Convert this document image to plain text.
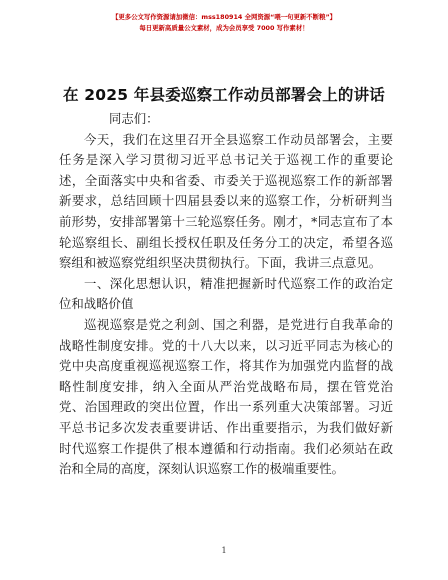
【更多公文写作资源请加微信：mss180914 全网资源“喂一句更新不断粮”】
每日更新高质量公文素材，成为会员享受 7000 写作素材！
在 2025 年县委巡察工作动员部署会上的讲话

同志们：

今天，我们在这里召开全县巡察工作动员部署会，主要任务是深入学习贯彻习近平总书记关于巡视工作的重要论述，全面落实中央和省委、市委关于巡视巡察工作的新部署新要求，总结回顾十四届县委以来的巡察工作，分析研判当前形势，安排部署第十三轮巡察任务。刚才，*同志宣布了本轮巡察组长、副组长授权任职及任务分工的决定，希望各巡察组和被巡察党组织坚决贯彻执行。下面，我讲三点意见。

一、深化思想认识，精准把握新时代巡察工作的政治定位和战略价值

巡视巡察是党之利剑、国之利器，是党进行自我革命的战略性制度安排。党的十八大以来，以习近平同志为核心的党中央高度重视巡视巡察工作，将其作为加强党内监督的战略性制度安排，纳入全面从严治党战略布局，摆在管党治党、治国理政的突出位置，作出一系列重大决策部署。习近平总书记多次发表重要讲话、作出重要指示，为我们做好新时代巡察工作提供了根本遵循和行动指南。我们必须站在政治和全局的高度，深刻认识巡察工作的极端重要性。

1
